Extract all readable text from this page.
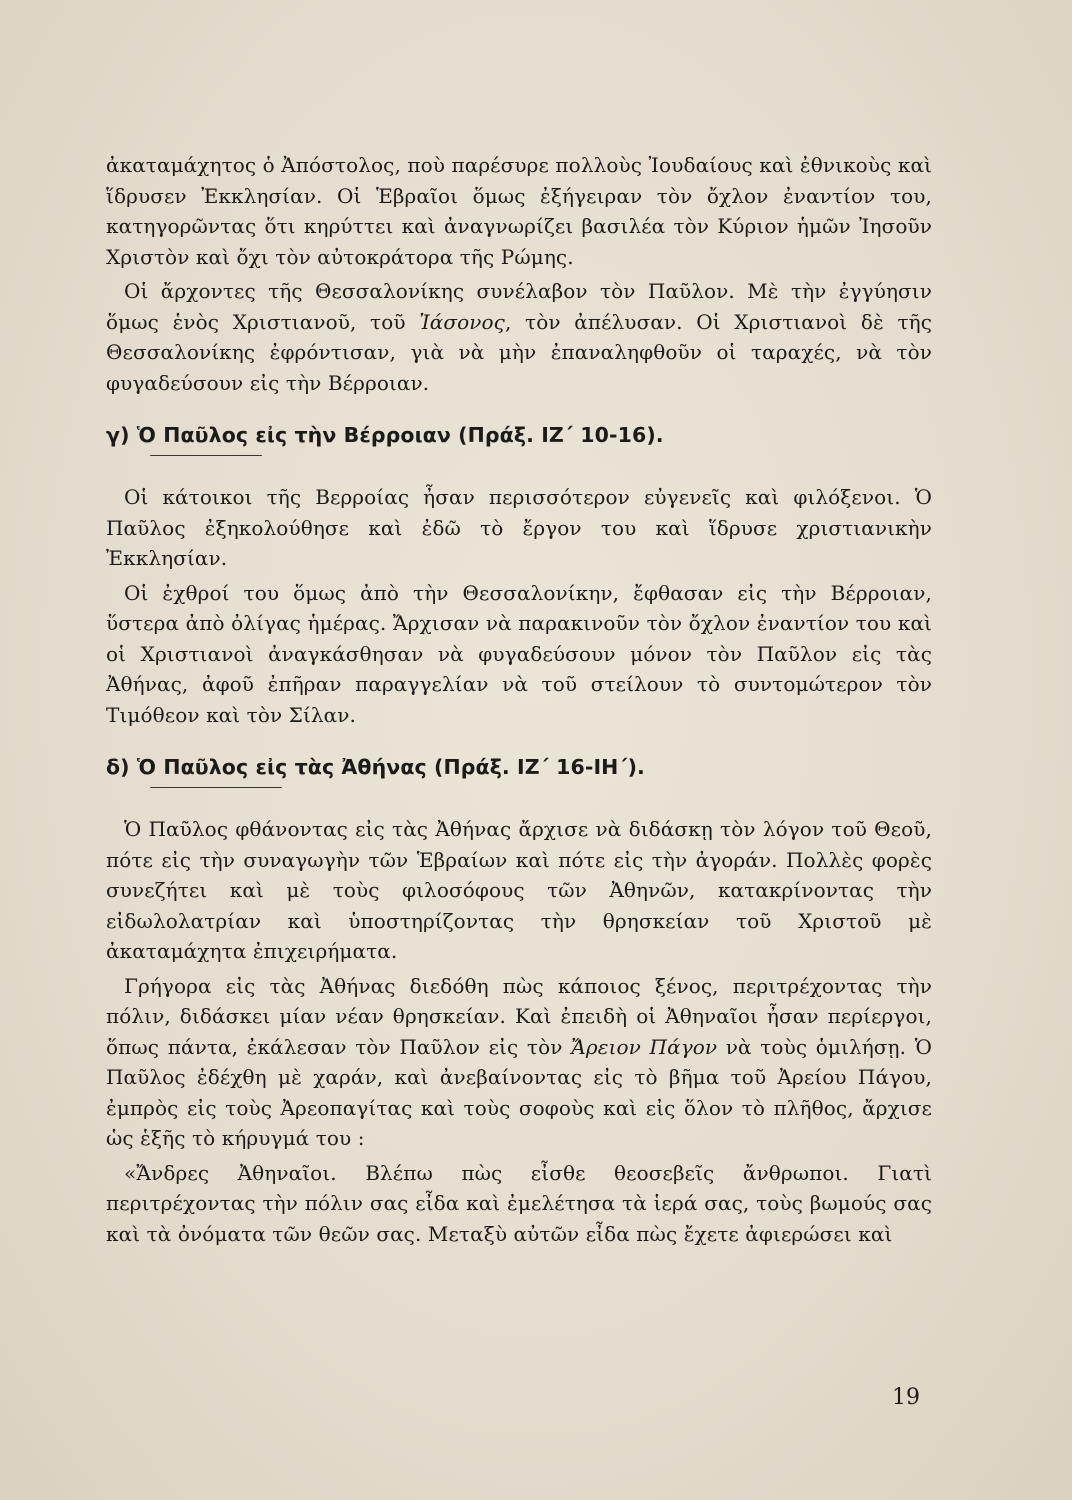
ἀκαταμάχητος ὁ Ἀπόστολος, ποὺ παρέσυρε πολλοὺς Ἰουδαίους καὶ ἐθνικοὺς καὶ ἵδρυσεν Ἐκκλησίαν. Οἱ Ἑβραῖοι ὅμως ἐξήγειραν τὸν ὄχλον ἐναντίον του, κατηγορῶντας ὅτι κηρύττει καὶ ἀναγνωρίζει βασιλέα τὸν Κύριον ἡμῶν Ἰησοῦν Χριστὸν καὶ ὄχι τὸν αὐτοκράτορα τῆς Ρώμης.

Οἱ ἄρχοντες τῆς Θεσσαλονίκης συνέλαβον τὸν Παῦλον. Μὲ τὴν ἐγγύησιν ὅμως ἑνὸς Χριστιανοῦ, τοῦ Ἰάσονος, τὸν ἀπέλυσαν. Οἱ Χριστιανοὶ δὲ τῆς Θεσσαλονίκης ἐφρόντισαν, γιὰ νὰ μὴν ἐπαναληφθοῦν οἱ ταραχές, νὰ τὸν φυγαδεύσουν εἰς τὴν Βέρροιαν.

γ) Ὁ Παῦλος εἰς τὴν Βέρροιαν (Πράξ. ΙΖ΄ 10-16).

Οἱ κάτοικοι τῆς Βερροίας ἦσαν περισσότερον εὐγενεῖς καὶ φιλόξενοι. Ὁ Παῦλος ἐξηκολούθησε καὶ ἐδῶ τὸ ἔργον του καὶ ἵδρυσε χριστιανικὴν Ἐκκλησίαν.

Οἱ ἐχθροί του ὅμως ἀπὸ τὴν Θεσσαλονίκην, ἔφθασαν εἰς τὴν Βέρροιαν, ὕστερα ἀπὸ ὀλίγας ἡμέρας. Ἄρχισαν νὰ παρακινοῦν τὸν ὄχλον ἐναντίον του καὶ οἱ Χριστιανοὶ ἀναγκάσθησαν νὰ φυγαδεύσουν μόνον τὸν Παῦλον εἰς τὰς Ἀθήνας, ἀφοῦ ἐπῆραν παραγγελίαν νὰ τοῦ στείλουν τὸ συντομώτερον τὸν Τιμόθεον καὶ τὸν Σίλαν.

δ) Ὁ Παῦλος εἰς τὰς Ἀθήνας (Πράξ. ΙΖ΄ 16-ΙΗ΄).

Ὁ Παῦλος φθάνοντας εἰς τὰς Ἀθήνας ἄρχισε νὰ διδάσκῃ τὸν λόγον τοῦ Θεοῦ, πότε εἰς τὴν συναγωγὴν τῶν Ἑβραίων καὶ πότε εἰς τὴν ἀγοράν. Πολλὲς φορὲς συνεζήτει καὶ μὲ τοὺς φιλοσόφους τῶν Ἀθηνῶν, κατακρίνοντας τὴν εἰδωλολατρίαν καὶ ὑποστηρίζοντας τὴν θρησκείαν τοῦ Χριστοῦ μὲ ἀκαταμάχητα ἐπιχειρήματα.

Γρήγορα εἰς τὰς Ἀθήνας διεδόθη πὼς κάποιος ξένος, περιτρέχοντας τὴν πόλιν, διδάσκει μίαν νέαν θρησκείαν. Καὶ ἐπειδὴ οἱ Ἀθηναῖοι ἦσαν περίεργοι, ὅπως πάντα, ἐκάλεσαν τὸν Παῦλον εἰς τὸν Ἄρειον Πάγον νὰ τοὺς ὁμιλήσῃ. Ὁ Παῦλος ἐδέχθη μὲ χαράν, καὶ ἀνεβαίνοντας εἰς τὸ βῆμα τοῦ Ἀρείου Πάγου, ἐμπρὸς εἰς τοὺς Ἀρεοπαγίτας καὶ τοὺς σοφοὺς καὶ εἰς ὅλον τὸ πλῆθος, ἄρχισε ὡς ἑξῆς τὸ κήρυγμά του :

«Ἄνδρες Ἀθηναῖοι. Βλέπω πὼς εἶσθε θεοσεβεῖς ἄνθρωποι. Γιατὶ περιτρέχοντας τὴν πόλιν σας εἶδα καὶ ἐμελέτησα τὰ ἱερά σας, τοὺς βωμούς σας καὶ τὰ ὀνόματα τῶν θεῶν σας. Μεταξὺ αὐτῶν εἶδα πὼς ἔχετε ἀφιερώσει καὶ

19
